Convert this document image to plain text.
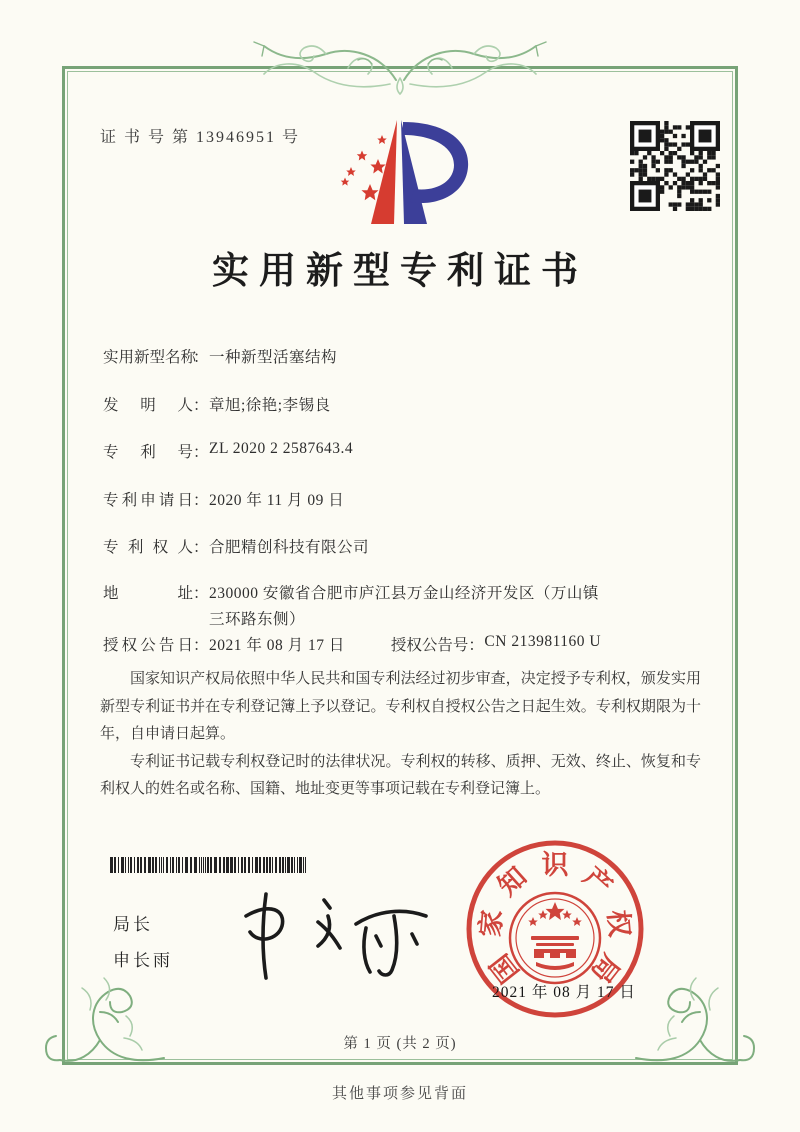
证 书 号 第 13946951 号
实用新型专利证书
实用新型名称：一种新型活塞结构
发　明　人：章旭;徐艳;李锡良
专　利　号：ZL 2020 2 2587643.4
专利申请日：2020 年 11 月 09 日
专 利 权 人：合肥精创科技有限公司
地　　址：230000 安徽省合肥市庐江县万金山经济开发区（万山镇
三环路东侧）
授权公告日：2021 年 08 月 17 日	授权公告号：CN 213981160 U

国家知识产权局依照中华人民共和国专利法经过初步审查，决定授予专利权，颁发实用新型专利证书并在专利登记簿上予以登记。专利权自授权公告之日起生效。专利权期限为十年，自申请日起算。

专利证书记载专利权登记时的法律状况。专利权的转移、质押、无效、终止、恢复和专利权人的姓名或名称、国籍、地址变更等事项记载在专利登记簿上。

局长
申长雨	国
家
知 识 产
权
局
2021 年 08 月 17 日
第 1 页 (共 2 页)
其他事项参见背面
